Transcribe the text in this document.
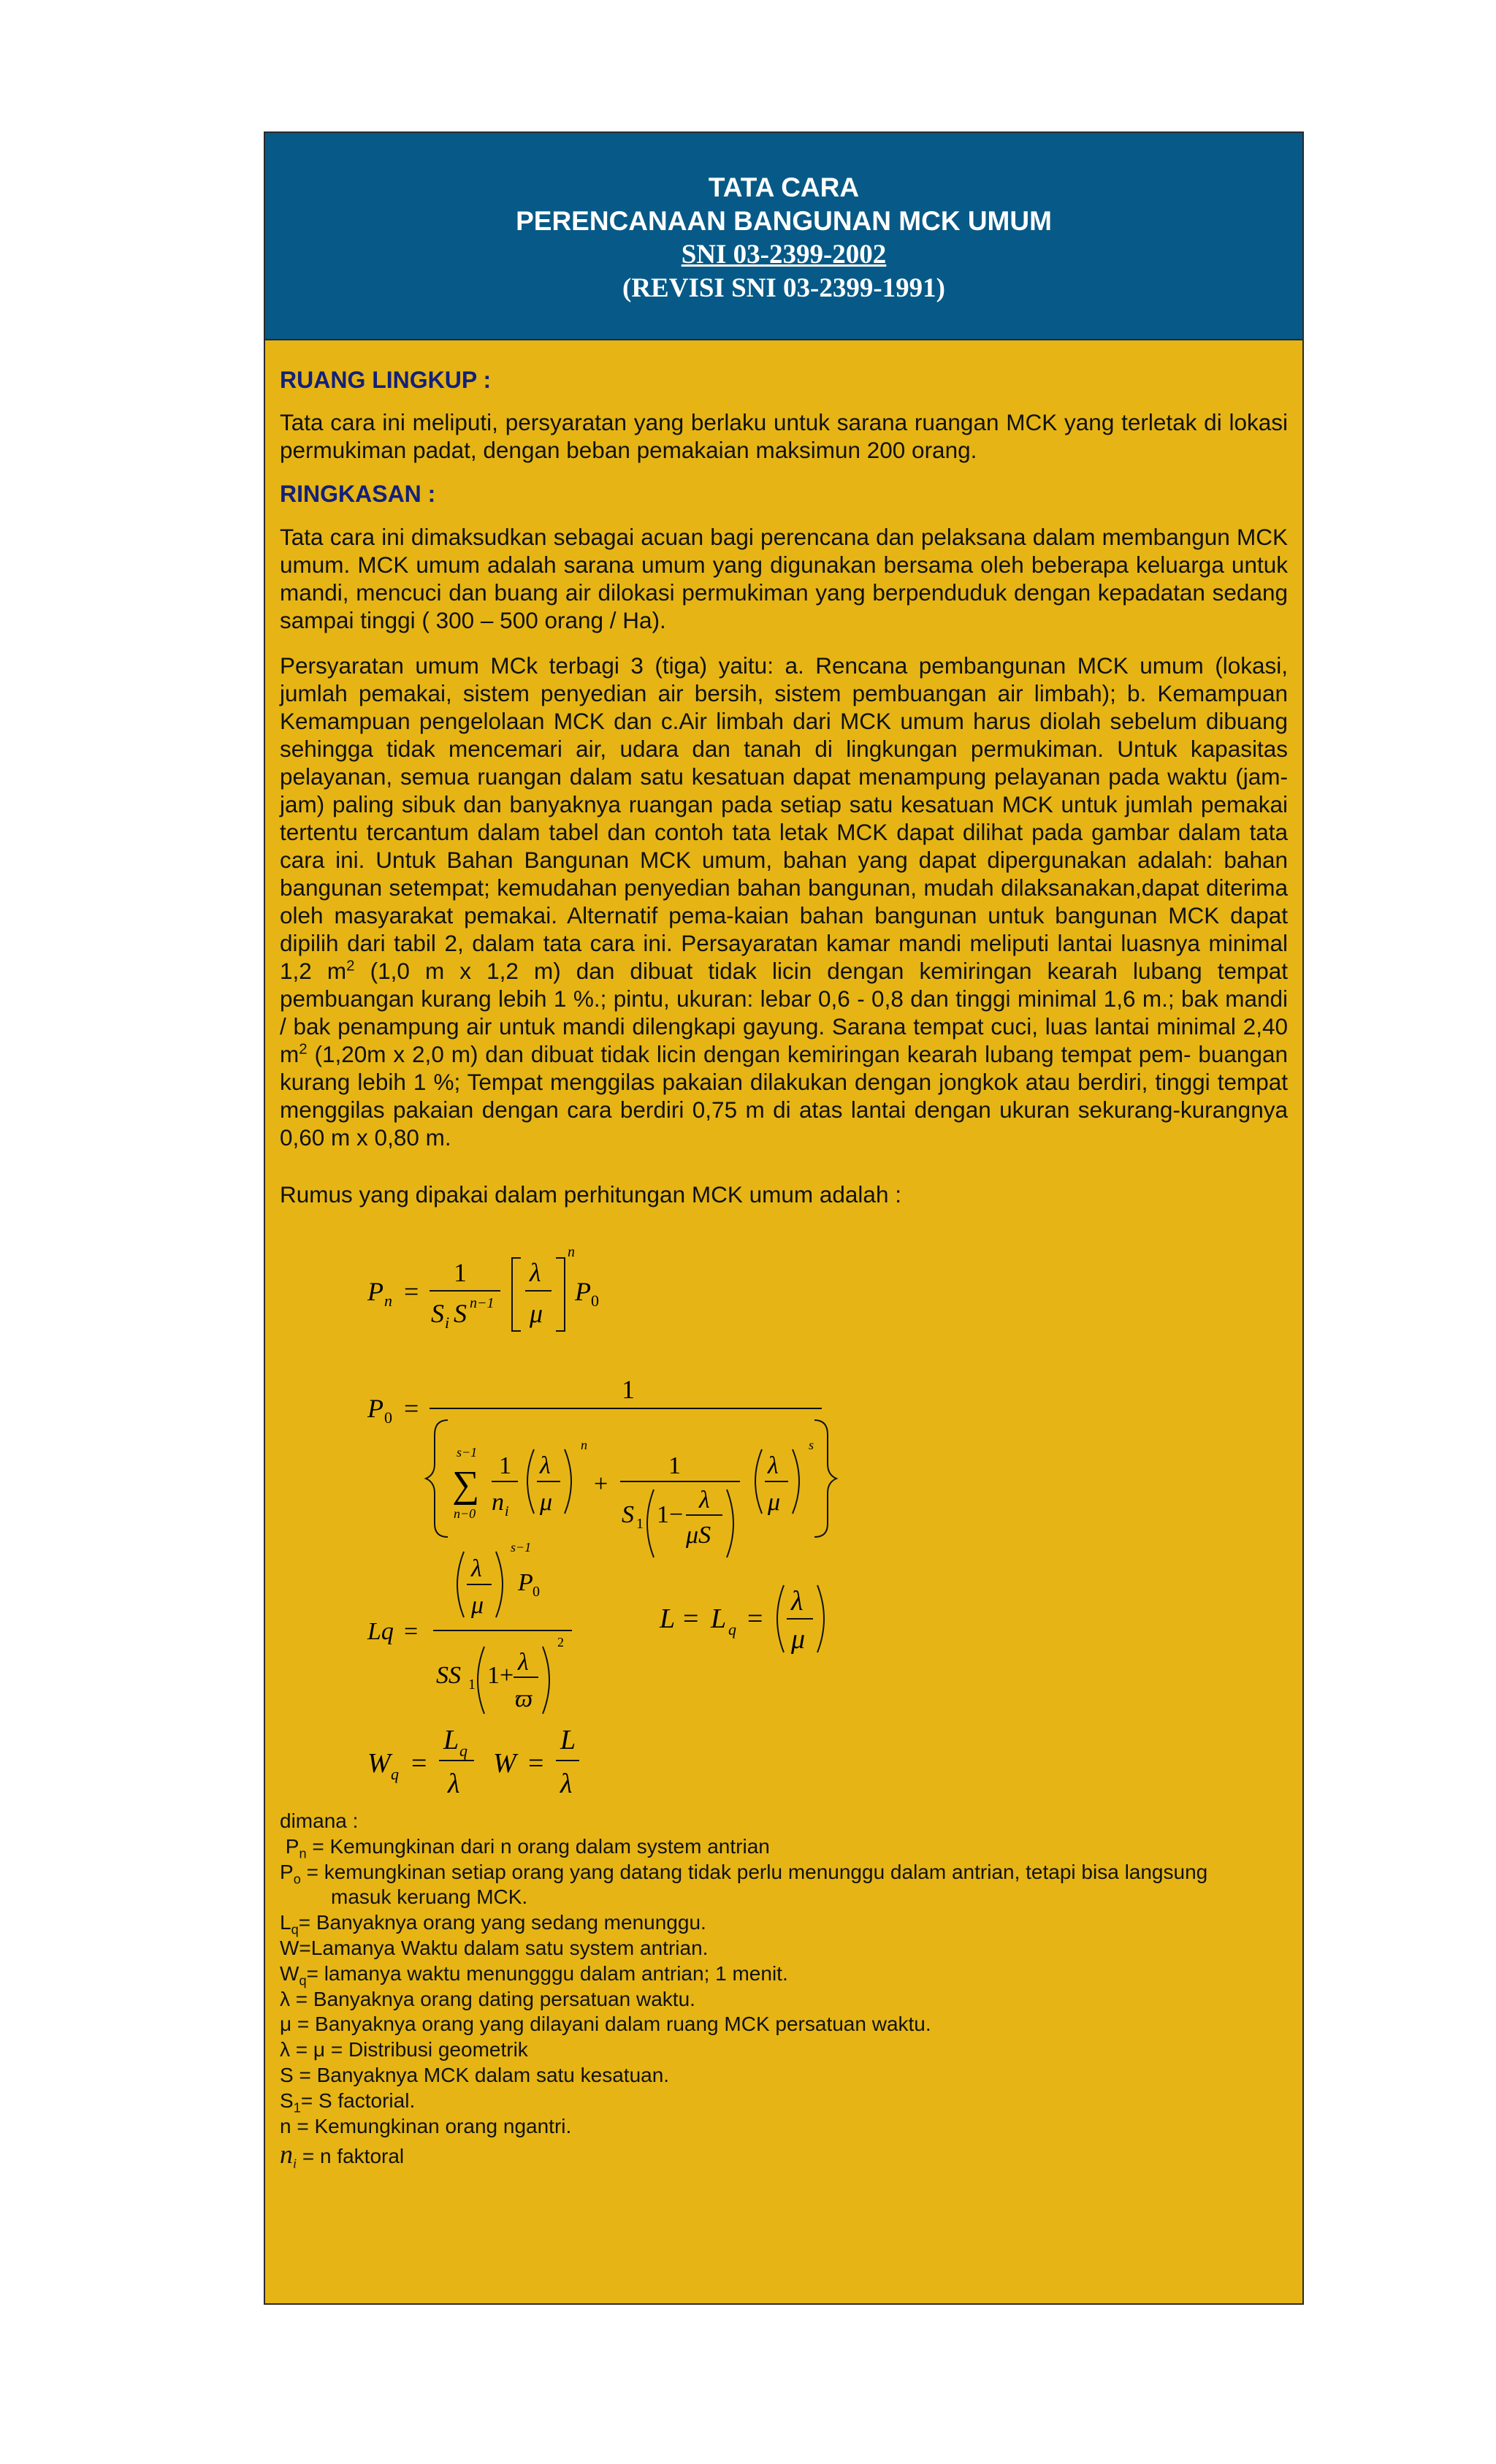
TATA CARA
PERENCANAAN BANGUNAN MCK UMUM
SNI 03-2399-2002
(REVISI SNI 03-2399-1991)
RUANG LINGKUP :

Tata cara ini meliputi, persyaratan yang berlaku untuk sarana ruangan MCK yang terletak di lokasi permukiman padat, dengan beban pemakaian maksimun 200 orang.

RINGKASAN :

Tata cara ini dimaksudkan sebagai acuan bagi perencana dan pelaksana dalam membangun MCK umum. MCK umum adalah sarana umum yang digunakan bersama oleh beberapa keluarga untuk mandi, mencuci dan buang air dilokasi permukiman yang berpenduduk dengan kepadatan sedang sampai tinggi ( 300 – 500 orang / Ha).

Persyaratan umum MCk terbagi 3 (tiga) yaitu: a. Rencana pembangunan MCK umum (lokasi, jumlah pemakai, sistem penyedian air bersih, sistem pembuangan air limbah); b. Kemampuan Kemampuan pengelolaan MCK dan c.Air limbah dari MCK umum harus diolah sebelum dibuang sehingga tidak mencemari air, udara dan tanah di lingkungan permukiman. Untuk kapasitas pelayanan, semua ruangan dalam satu kesatuan dapat menampung pelayanan pada waktu (jam-jam) paling sibuk dan banyaknya ruangan pada setiap satu kesatuan MCK untuk jumlah pemakai tertentu tercantum dalam tabel dan contoh tata letak MCK dapat dilihat pada gambar dalam tata cara ini. Untuk Bahan Bangunan MCK umum, bahan yang dapat dipergunakan adalah: bahan bangunan setempat; kemudahan penyedian bahan bangunan, mudah dilaksanakan,dapat diterima oleh masyarakat pemakai. Alternatif pema-kaian bahan bangunan untuk bangunan MCK dapat dipilih dari tabil 2, dalam tata cara ini. Persayaratan kamar mandi meliputi lantai luasnya minimal 1,2 $m^2$ (1,0 m x 1,2 m) dan dibuat tidak licin dengan kemiringan kearah lubang tempat pembuangan kurang lebih 1 %.; pintu, ukuran: lebar 0,6 - 0,8 dan tinggi minimal 1,6 m.; bak mandi / bak penampung air untuk mandi dilengkapi gayung. Sarana tempat cuci, luas lantai minimal 2,40 $m^2$ (1,20m x 2,0 m) dan dibuat tidak licin dengan kemiringan kearah lubang tempat pem- buangan kurang lebih 1 %; Tempat menggilas pakaian dilakukan dengan jongkok atau berdiri, tinggi tempat menggilas pakaian dengan cara berdiri 0,75 m di atas lantai dengan ukuran sekurang-kurangnya 0,60 m x 0,80 m.

Rumus yang dipakai dalam perhitungan MCK umum adalah :

P n =
1
S i S n−1
λ
μ
n
P 0
P 0 =
1
s−1
∑
n−0
1
n i
λ
μ
n
+
1
S 1 1−
λ
μS
λ
μ
s
λ
μ
s−1
P 0
Lq =
SS 1 1+ λ
ϖ
2
L = L q =
λ
μ
W q =
L q
λ
W =
L
λ
dimana :
$P_n$ = Kemungkinan dari n orang dalam system antrian
$P_o$ = kemungkinan setiap orang yang datang tidak perlu menunggu dalam antrian, tetapi bisa langsung
masuk keruang MCK.
$L_q=$ Banyaknya orang yang sedang menunggu.
W=Lamanya Waktu dalam satu system antrian.
$W_q=$ lamanya waktu menungggu dalam antrian; 1 menit.
λ = Banyaknya orang dating persatuan waktu.
μ = Banyaknya orang yang dilayani dalam ruang MCK persatuan waktu.
λ = μ = Distribusi geometrik
S = Banyaknya MCK dalam satu kesatuan.
$S_1= S$ factorial.
n = Kemungkinan orang ngantri.
$n_i = n$ faktoral
